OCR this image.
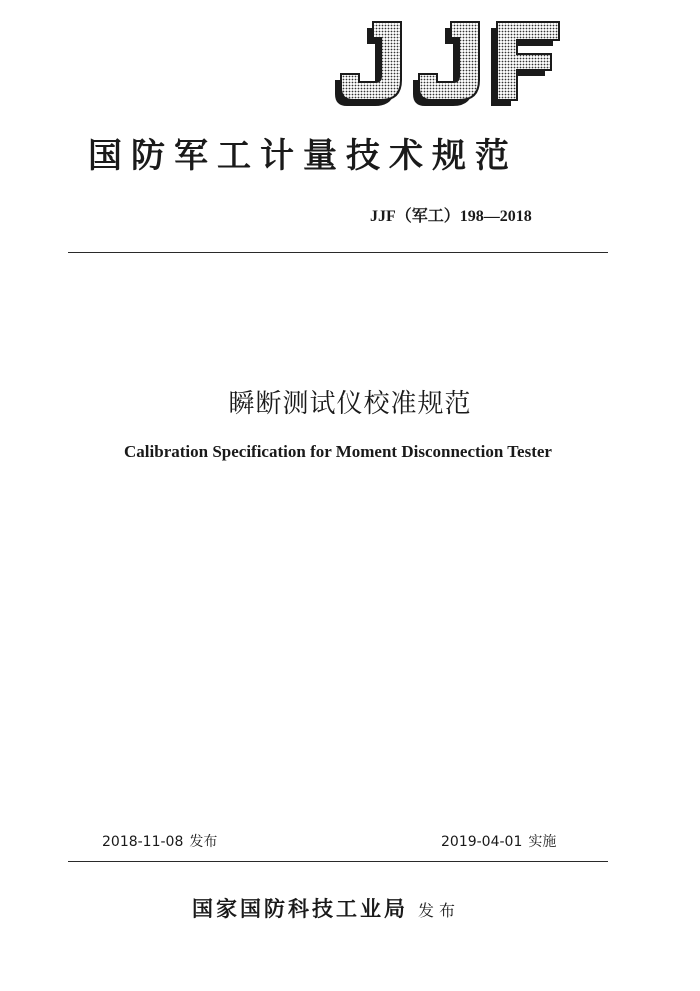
国防军工计量技术规范
JJF（军工）198—2018
瞬断测试仪校准规范
Calibration Specification for Moment Disconnection Tester
2018-11-08 发布	2019-04-01 实施
国家国防科技工业局 发布
